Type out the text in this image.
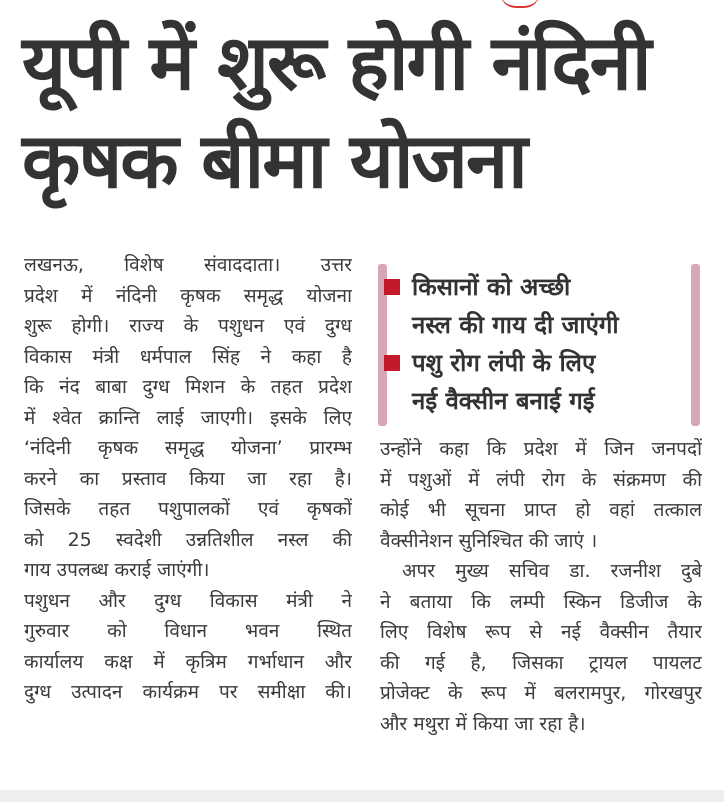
यूपी में शुरू होगी नंदिनी
कृषक बीमा योजना
लखनऊ, विशेष संवाददाता। उत्तर
प्रदेश में नंदिनी कृषक समृद्ध योजना
शुरू होगी। राज्य के पशुधन एवं दुग्ध
विकास मंत्री धर्मपाल सिंह ने कहा है
कि नंद बाबा दुग्ध मिशन के तहत प्रदेश
में श्वेत क्रान्ति लाई जाएगी। इसके लिए
‘नंदिनी कृषक समृद्ध योजना’ प्रारम्भ
करने का प्रस्ताव किया जा रहा है।
जिसके तहत पशुपालकों एवं कृषकों
को 25 स्वदेशी उन्नतिशील नस्ल की
गाय उपलब्ध कराई जाएंगी।
पशुधन और दुग्ध विकास मंत्री ने
गुरुवार को विधान भवन स्थित
कार्यालय कक्ष में कृत्रिम गर्भाधान और
दुग्ध उत्पादन कार्यक्रम पर समीक्षा की।
किसानों को अच्छी
नस्ल की गाय दी जाएंगी
पशु रोग लंपी के लिए
नई वैक्सीन बनाई गई
उन्होंने कहा कि प्रदेश में जिन जनपदों
में पशुओं में लंपी रोग के संक्रमण की
कोई भी सूचना प्राप्त हो वहां तत्काल
वैक्सीनेशन सुनिश्चित की जाएं ।
अपर मुख्य सचिव डा. रजनीश दुबे
ने बताया कि लम्पी स्किन डिजीज के
लिए विशेष रूप से नई वैक्सीन तैयार
की गई है, जिसका ट्रायल पायलट
प्रोजेक्ट के रूप में बलरामपुर, गोरखपुर
और मथुरा में किया जा रहा है।
